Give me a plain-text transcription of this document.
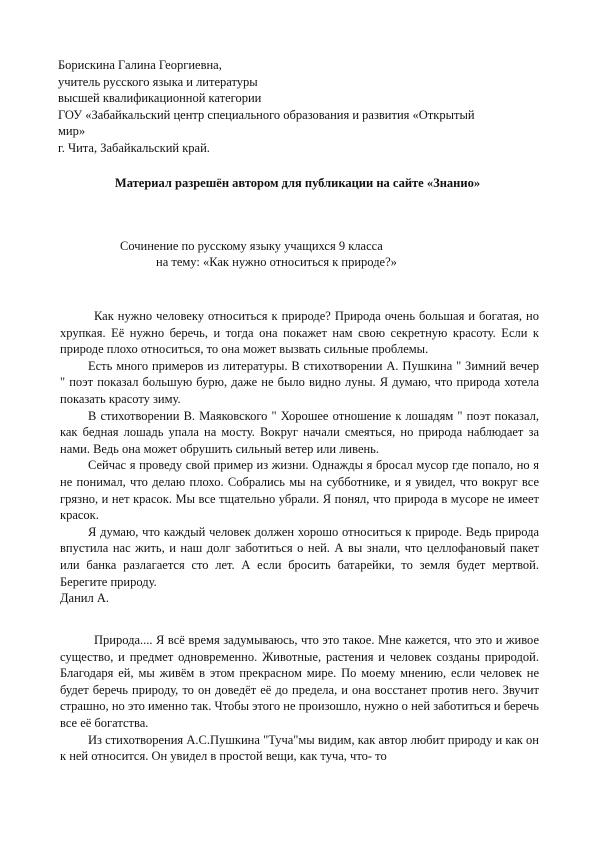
Борискина Галина Георгиевна,
учитель русского языка и литературы
высшей квалификационной категории
ГОУ «Забайкальский центр специального образования и развития «Открытый
мир»
г. Чита, Забайкальский край.
Материал разрешён автором для публикации на сайте «Знанио»
Сочинение по русскому языку учащихся 9 класса
на тему: «Как нужно относиться к природе?»

Как нужно человеку относиться к природе? Природа очень большая и богатая, но хрупкая. Её нужно беречь, и тогда она покажет нам свою секретную красоту. Если к природе плохо относиться, то она может вызвать сильные проблемы.

Есть много примеров из литературы. В стихотворении А. Пушкина " Зимний вечер " поэт показал большую бурю, даже не было видно луны. Я думаю, что природа хотела показать красоту зиму.

В стихотворении В. Маяковского " Хорошее отношение к лошадям " поэт показал, как бедная лошадь упала на мосту. Вокруг начали смеяться, но природа наблюдает за нами. Ведь она может обрушить сильный ветер или ливень.

Сейчас я проведу свой пример из жизни. Однажды я бросал мусор где попало, но я не понимал, что делаю плохо. Собрались мы на субботнике, и я увидел, что вокруг все грязно, и нет красок. Мы все тщательно убрали. Я понял, что природа в мусоре не имеет красок.

Я думаю, что каждый человек должен хорошо относиться к природе. Ведь природа впустила нас жить, и наш долг заботиться о ней. А вы знали, что целлофановый пакет или банка разлагается сто лет. А если бросить батарейки, то земля будет мертвой. Берегите природу.

Данил А.

Природа.... Я всё время задумываюсь, что это такое. Мне кажется, что это и живое существо, и предмет одновременно. Животные, растения и человек созданы природой. Благодаря ей, мы живём в этом прекрасном мире. По моему мнению, если человек не будет беречь природу, то он доведёт её до предела, и она восстанет против него. Звучит страшно, но это именно так. Чтобы этого не произошло, нужно о ней заботиться и беречь все её богатства.

Из стихотворения А.С.Пушкина "Туча"мы видим, как автор любит природу и как он к ней относится. Он увидел в простой вещи, как туча, что- то
